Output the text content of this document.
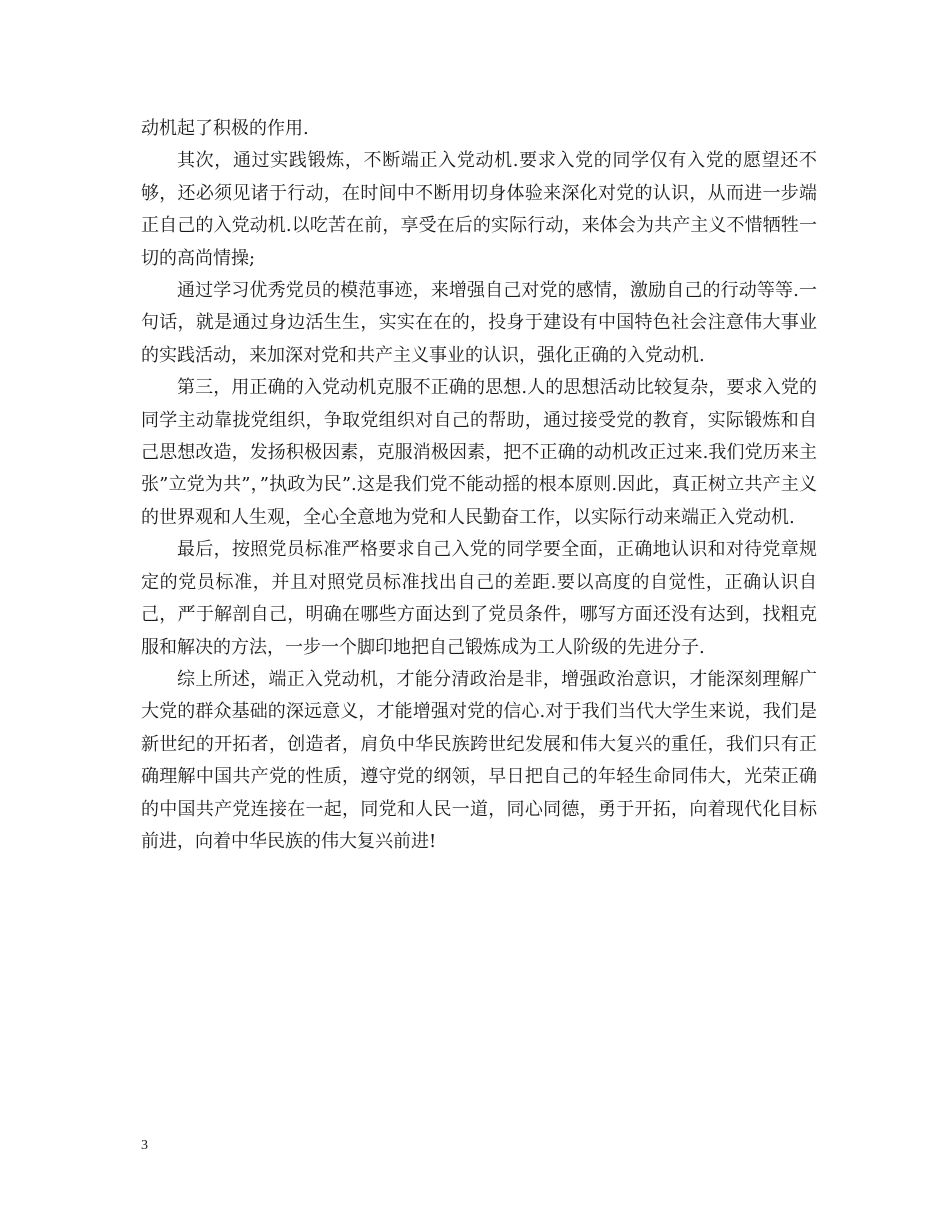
动机起了积极的作用.

其次，通过实践锻炼，不断端正入党动机.要求入党的同学仅有入党的愿望还不够，还必须见诸于行动，在时间中不断用切身体验来深化对党的认识，从而进一步端正自己的入党动机.以吃苦在前，享受在后的实际行动，来体会为共产主义不惜牺牲一切的高尚情操;

通过学习优秀党员的模范事迹，来增强自己对党的感情，激励自己的行动等等.一句话，就是通过身边活生生，实实在在的，投身于建设有中国特色社会注意伟大事业的实践活动，来加深对党和共产主义事业的认识，强化正确的入党动机.

第三，用正确的入党动机克服不正确的思想.人的思想活动比较复杂，要求入党的同学主动靠拢党组织，争取党组织对自己的帮助，通过接受党的教育，实际锻炼和自己思想改造，发扬积极因素，克服消极因素，把不正确的动机改正过来.我们党历来主张”立党为共”，”执政为民”.这是我们党不能动摇的根本原则.因此，真正树立共产主义的世界观和人生观，全心全意地为党和人民勤奋工作，以实际行动来端正入党动机.

最后，按照党员标准严格要求自己入党的同学要全面，正确地认识和对待党章规定的党员标准，并且对照党员标准找出自己的差距.要以高度的自觉性，正确认识自己，严于解剖自己，明确在哪些方面达到了党员条件，哪写方面还没有达到，找粗克服和解决的方法，一步一个脚印地把自己锻炼成为工人阶级的先进分子.

综上所述，端正入党动机，才能分清政治是非，增强政治意识，才能深刻理解广大党的群众基础的深远意义，才能增强对党的信心.对于我们当代大学生来说，我们是新世纪的开拓者，创造者，肩负中华民族跨世纪发展和伟大复兴的重任，我们只有正确理解中国共产党的性质，遵守党的纲领，早日把自己的年轻生命同伟大，光荣正确的中国共产党连接在一起，同党和人民一道，同心同德，勇于开拓，向着现代化目标前进，向着中华民族的伟大复兴前进!

3
